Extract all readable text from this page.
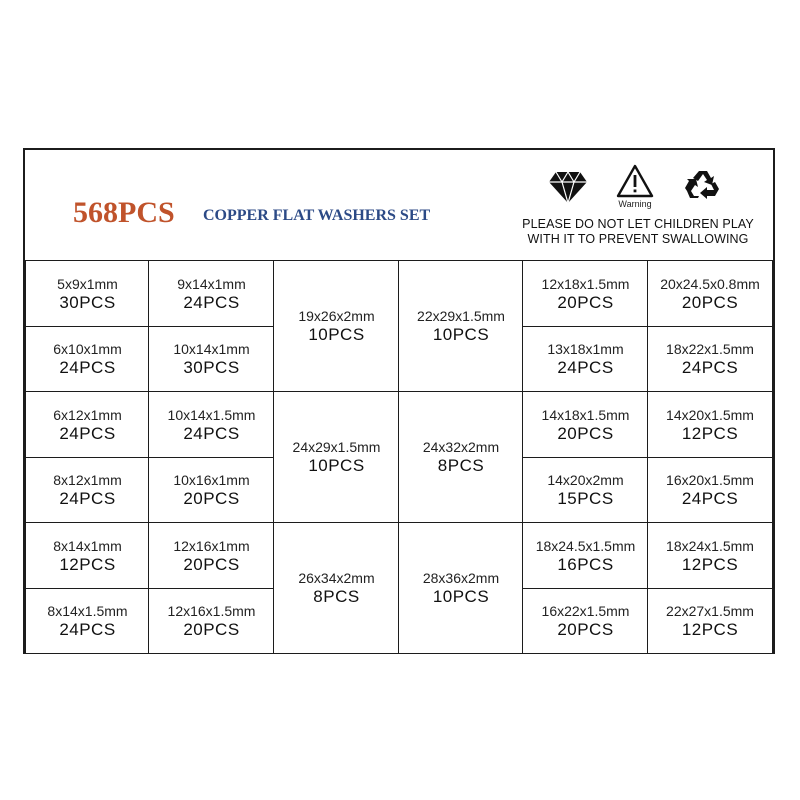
568PCS COPPER FLAT WASHERS SET
Warning
PLEASE DO NOT LET CHILDREN PLAY
WITH IT TO PREVENT SWALLOWING
5x9x1mm
30PCS
6x10x1mm
24PCS
6x12x1mm
24PCS
8x12x1mm
24PCS
8x14x1mm
12PCS
8x14x1.5mm
24PCS
9x14x1mm
24PCS
10x14x1mm
30PCS
10x14x1.5mm
24PCS
10x16x1mm
20PCS
12x16x1mm
20PCS
12x16x1.5mm
20PCS
19x26x2mm
10PCS
24x29x1.5mm
10PCS
26x34x2mm
8PCS
22x29x1.5mm
10PCS
24x32x2mm
8PCS
28x36x2mm
10PCS
12x18x1.5mm
20PCS
13x18x1mm
24PCS
14x18x1.5mm
20PCS
14x20x2mm
15PCS
18x24.5x1.5mm
16PCS
16x22x1.5mm
20PCS
20x24.5x0.8mm
20PCS
18x22x1.5mm
24PCS
14x20x1.5mm
12PCS
16x20x1.5mm
24PCS
18x24x1.5mm
12PCS
22x27x1.5mm
12PCS
